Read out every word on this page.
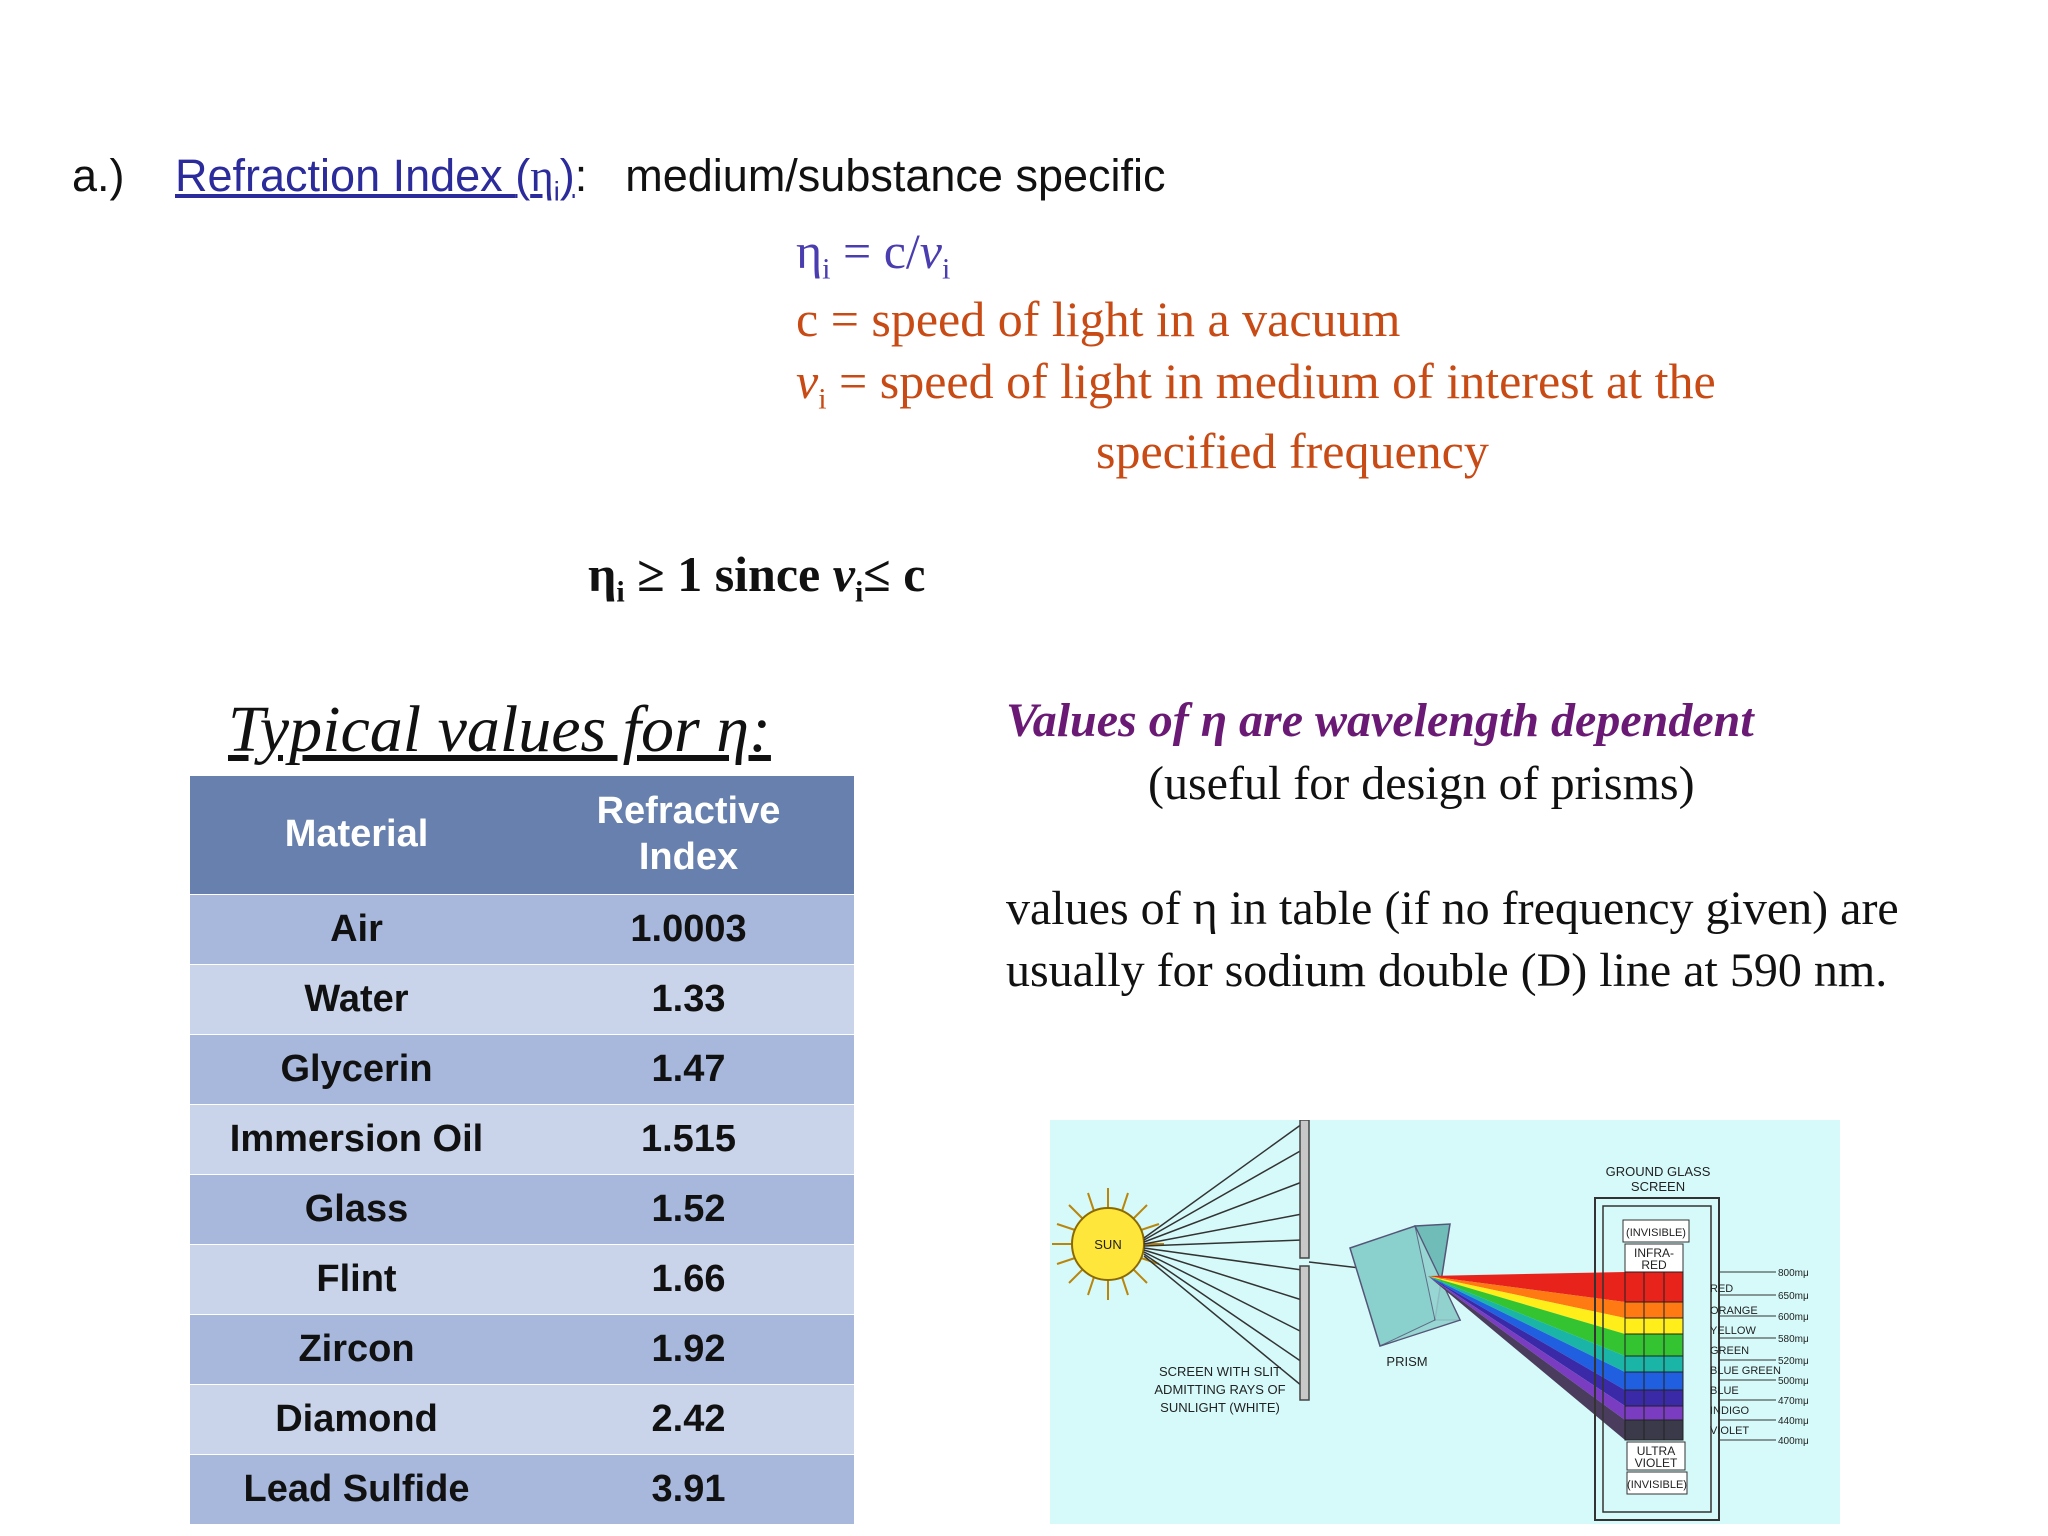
a.) Refraction Index $(\eta_i)$: medium/substance specific
$\eta_i = c/v_i$
c = speed of light in a vacuum
$v_i$ = speed of light in medium of interest at the
specified frequency
$\eta_i \ge 1$ since $v_i\le c$
Typical values for η:
Material	Refractive Index

Air	1.0003
Water	1.33
Glycerin	1.47
Immersion Oil	1.515
Glass	1.52
Flint	1.66
Zircon	1.92
Diamond	2.42
Lead Sulfide	3.91
Values of η are wavelength dependent
(useful for design of prisms)
values of η in table (if no frequency given) are usually for sodium double (D) line at 590 nm.
SUN
SCREEN WITH SLIT
ADMITTING RAYS OF
SUNLIGHT (WHITE)
PRISM
GROUND GLASS
SCREEN
(INVISIBLE)
INFRA-
RED
ULTRA
VIOLET
(INVISIBLE)
RED
ORANGE
YELLOW
GREEN
BLUE GREEN
BLUE
INDIGO
VIOLET
800mμ
650mμ
600mμ
580mμ
520mμ
500mμ
470mμ
440mμ
400mμ
